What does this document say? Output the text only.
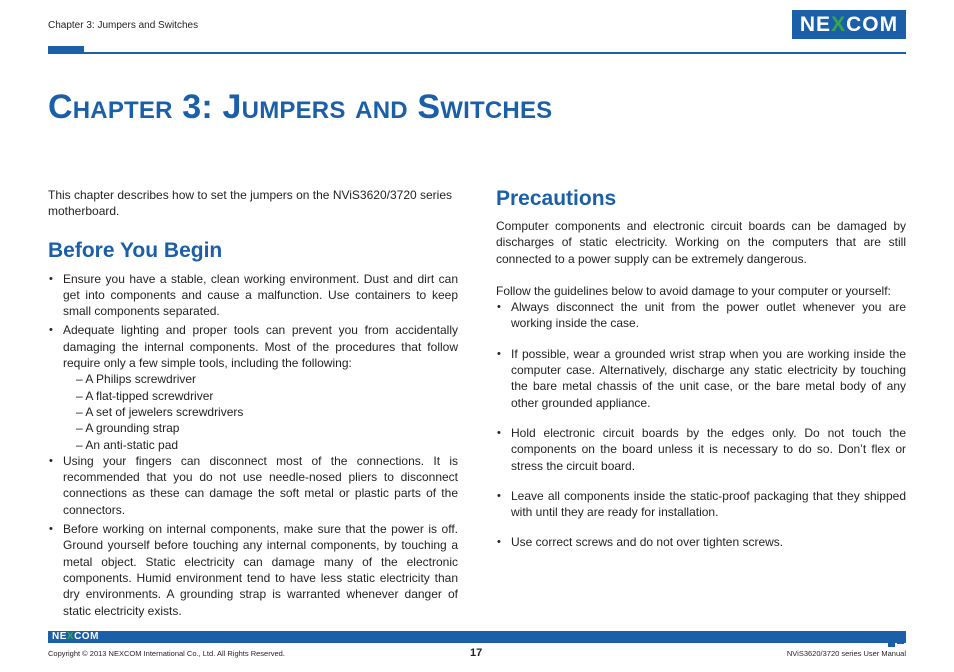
Chapter 3: Jumpers and Switches	NE X COM
Chapter 3: Jumpers and Switches

This chapter describes how to set the jumpers on the NViS3620/3720 series motherboard.

Before You Begin
• Ensure you have a stable, clean working environment. Dust and dirt can get into components and cause a malfunction. Use containers to keep small components separated.
• Adequate lighting and proper tools can prevent you from accidentally damaging the internal components. Most of the procedures that follow require only a few simple tools, including the following:
– A Philips screwdriver
– A flat-tipped screwdriver
– A set of jewelers screwdrivers
– A grounding strap
– An anti-static pad
• Using your fingers can disconnect most of the connections. It is recommended that you do not use needle-nosed pliers to disconnect connections as these can damage the soft metal or plastic parts of the connectors.
• Before working on internal components, make sure that the power is off. Ground yourself before touching any internal components, by touching a metal object. Static electricity can damage many of the electronic components. Humid environment tend to have less static electricity than dry environments. A grounding strap is warranted whenever danger of static electricity exists.
Precautions

Computer components and electronic circuit boards can be damaged by discharges of static electricity. Working on the computers that are still connected to a power supply can be extremely dangerous.

Follow the guidelines below to avoid damage to your computer or yourself:

• Always disconnect the unit from the power outlet whenever you are working inside the case.
• If possible, wear a grounded wrist strap when you are working inside the computer case. Alternatively, discharge any static electricity by touching the bare metal chassis of the unit case, or the bare metal body of any other grounded appliance.
• Hold electronic circuit boards by the edges only. Do not touch the components on the board unless it is necessary to do so. Don’t flex or stress the circuit board.
• Leave all components inside the static-proof packaging that they shipped with until they are ready for installation.
• Use correct screws and do not over tighten screws.
NEXCOM
Copyright © 2013 NEXCOM International Co., Ltd. All Rights Reserved.	17	NViS3620/3720 series User Manual
